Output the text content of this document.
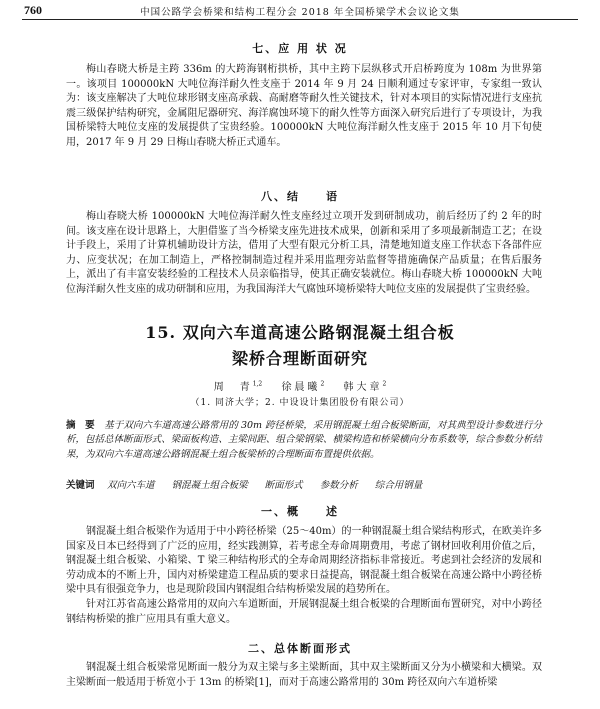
760	中国公路学会桥梁和结构工程分会 2018 年全国桥梁学术会议论文集
七、应 用 状 况

梅山春晓大桥是主跨 336m 的大跨海钢桁拱桥，其中主跨下层纵移式开启桥跨度为 108m 为世界第一。该项目 100000kN 大吨位海洋耐久性支座于 2014 年 9 月 24 日顺利通过专家评审，专家组一致认为：该支座解决了大吨位球形钢支座高承载、高耐磨等耐久性关键技术，针对本项目的实际情况进行支座抗震三级保护结构研究，金属阻尼器研究、海洋腐蚀环境下的耐久性等方面深入研究后进行了专项设计，为我国桥梁特大吨位支座的发展提供了宝贵经验。100000kN 大吨位海洋耐久性支座于 2015 年 10 月下旬使用，2017 年 9 月 29 日梅山春晓大桥正式通车。

八、结　　语

梅山春晓大桥 100000kN 大吨位海洋耐久性支座经过立项开发到研制成功，前后经历了约 2 年的时间。该支座在设计思路上，大胆借鉴了当今桥梁支座先进技术成果，创新和采用了多项最新制造工艺；在设计手段上，采用了计算机辅助设计方法，借用了大型有限元分析工具，清楚地知道支座工作状态下各部件应力、应变状况；在加工制造上，严格控制制造过程并采用监理旁站监督等措施确保产品质量；在售后服务上，派出了有丰富安装经验的工程技术人员亲临指导，使其正确安装就位。梅山春晓大桥 100000kN 大吨位海洋耐久性支座的成功研制和应用，为我国海洋大气腐蚀环境桥梁特大吨位支座的发展提供了宝贵经验。

15. 双向六车道高速公路钢混凝土组合板
梁桥合理断面研究
周　青$^{1,2}$　 徐晨曦$^2$　 韩大章$^2$
（1. 同济大学；2. 中设设计集团股份有限公司）
摘　要　 基于双向六车道高速公路常用的 30m 跨径桥梁，采用钢混凝土组合板梁断面，对其典型设计参数进行分析，包括总体断面形式、梁面板构造、主梁间距、组合梁钢梁、横梁构造和桥梁横向分布系数等，综合参数分析结果，为双向六车道高速公路钢混凝土组合板梁桥的合理断面布置提供依据。
关键词　 双向六车道 钢混凝土组合板梁 断面形式 参数分析 综合用钢量
一、概　　述

钢混凝土组合板梁作为适用于中小跨径桥梁（25～40m）的一种钢混凝土组合梁结构形式，在欧美许多国家及日本已经得到了广泛的应用，经实践测算，若考虑全寿命周期费用，考虑了钢材回收利用价值之后，钢混凝土组合板梁、小箱梁、T 梁三种结构形式的全寿命周期经济指标非常接近。考虑到社会经济的发展和劳动成本的不断上升，国内对桥梁建造工程品质的要求日益提高，钢混凝土组合板梁在高速公路中小跨径桥梁中具有很强竞争力，也是现阶段国内钢混组合结构桥梁发展的趋势所在。

针对江苏省高速公路常用的双向六车道断面，开展钢混凝土组合板梁的合理断面布置研究，对中小跨径钢结构桥梁的推广应用具有重大意义。

二、总体断面形式

钢混凝土组合板梁常见断面一般分为双主梁与多主梁断面，其中双主梁断面又分为小横梁和大横梁。双主梁断面一般适用于桥宽小于 13m 的桥梁[1]，而对于高速公路常用的 30m 跨径双向六车道桥梁
